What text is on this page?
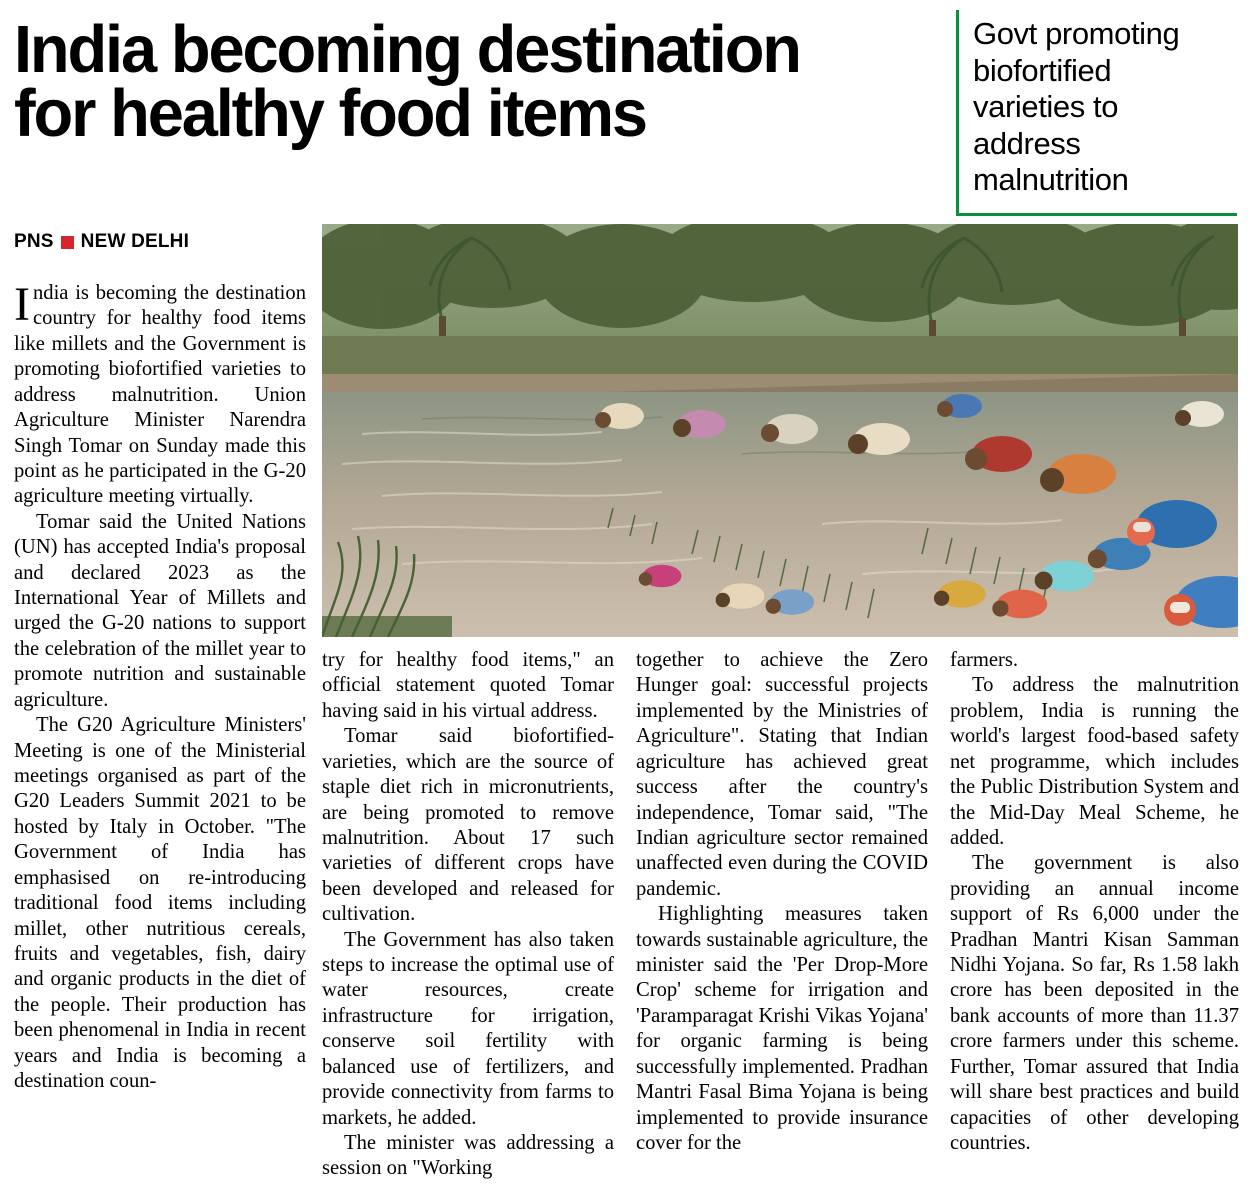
India becoming destination
for healthy food items
Govt promoting biofortified varieties to address malnutrition
PNS NEW DELHI

India is becoming the destination country for healthy food items like millets and the Government is promoting biofortified varieties to address malnutrition. Union Agriculture Minister Narendra Singh Tomar on Sunday made this point as he participated in the G-20 agriculture meeting virtually.

Tomar said the United Nations (UN) has accepted India's proposal and declared 2023 as the International Year of Millets and urged the G-20 nations to support the celebration of the millet year to promote nutrition and sustainable agriculture.

The G20 Agriculture Ministers' Meeting is one of the Ministerial meetings organised as part of the G20 Leaders Summit 2021 to be hosted by Italy in October. "The Government of India has emphasised on re-introducing traditional food items including millet, other nutritious cereals, fruits and vegetables, fish, dairy and organic products in the diet of the people. Their production has been phenomenal in India in recent years and India is becoming a destination coun-

try for healthy food items," an official statement quoted Tomar having said in his virtual address.

Tomar said biofortified-varieties, which are the source of staple diet rich in micronutrients, are being promoted to remove malnutrition. About 17 such varieties of different crops have been developed and released for cultivation.

The Government has also taken steps to increase the optimal use of water resources, create infrastructure for irrigation, conserve soil fertility with balanced use of fertilizers, and provide connectivity from farms to markets, he added.

The minister was addressing a session on "Working

together to achieve the Zero Hunger goal: successful projects implemented by the Ministries of Agriculture". Stating that Indian agriculture has achieved great success after the country's independence, Tomar said, "The Indian agriculture sector remained unaffected even during the COVID pandemic.

Highlighting measures taken towards sustainable agriculture, the minister said the 'Per Drop-More Crop' scheme for irrigation and 'Paramparagat Krishi Vikas Yojana' for organic farming is being successfully implemented. Pradhan Mantri Fasal Bima Yojana is being implemented to provide insurance cover for the

farmers.

To address the malnutrition problem, India is running the world's largest food-based safety net programme, which includes the Public Distribution System and the Mid-Day Meal Scheme, he added.

The government is also providing an annual income support of Rs 6,000 under the Pradhan Mantri Kisan Samman Nidhi Yojana. So far, Rs 1.58 lakh crore has been deposited in the bank accounts of more than 11.37 crore farmers under this scheme. Further, Tomar assured that India will share best practices and build capacities of other developing countries.
